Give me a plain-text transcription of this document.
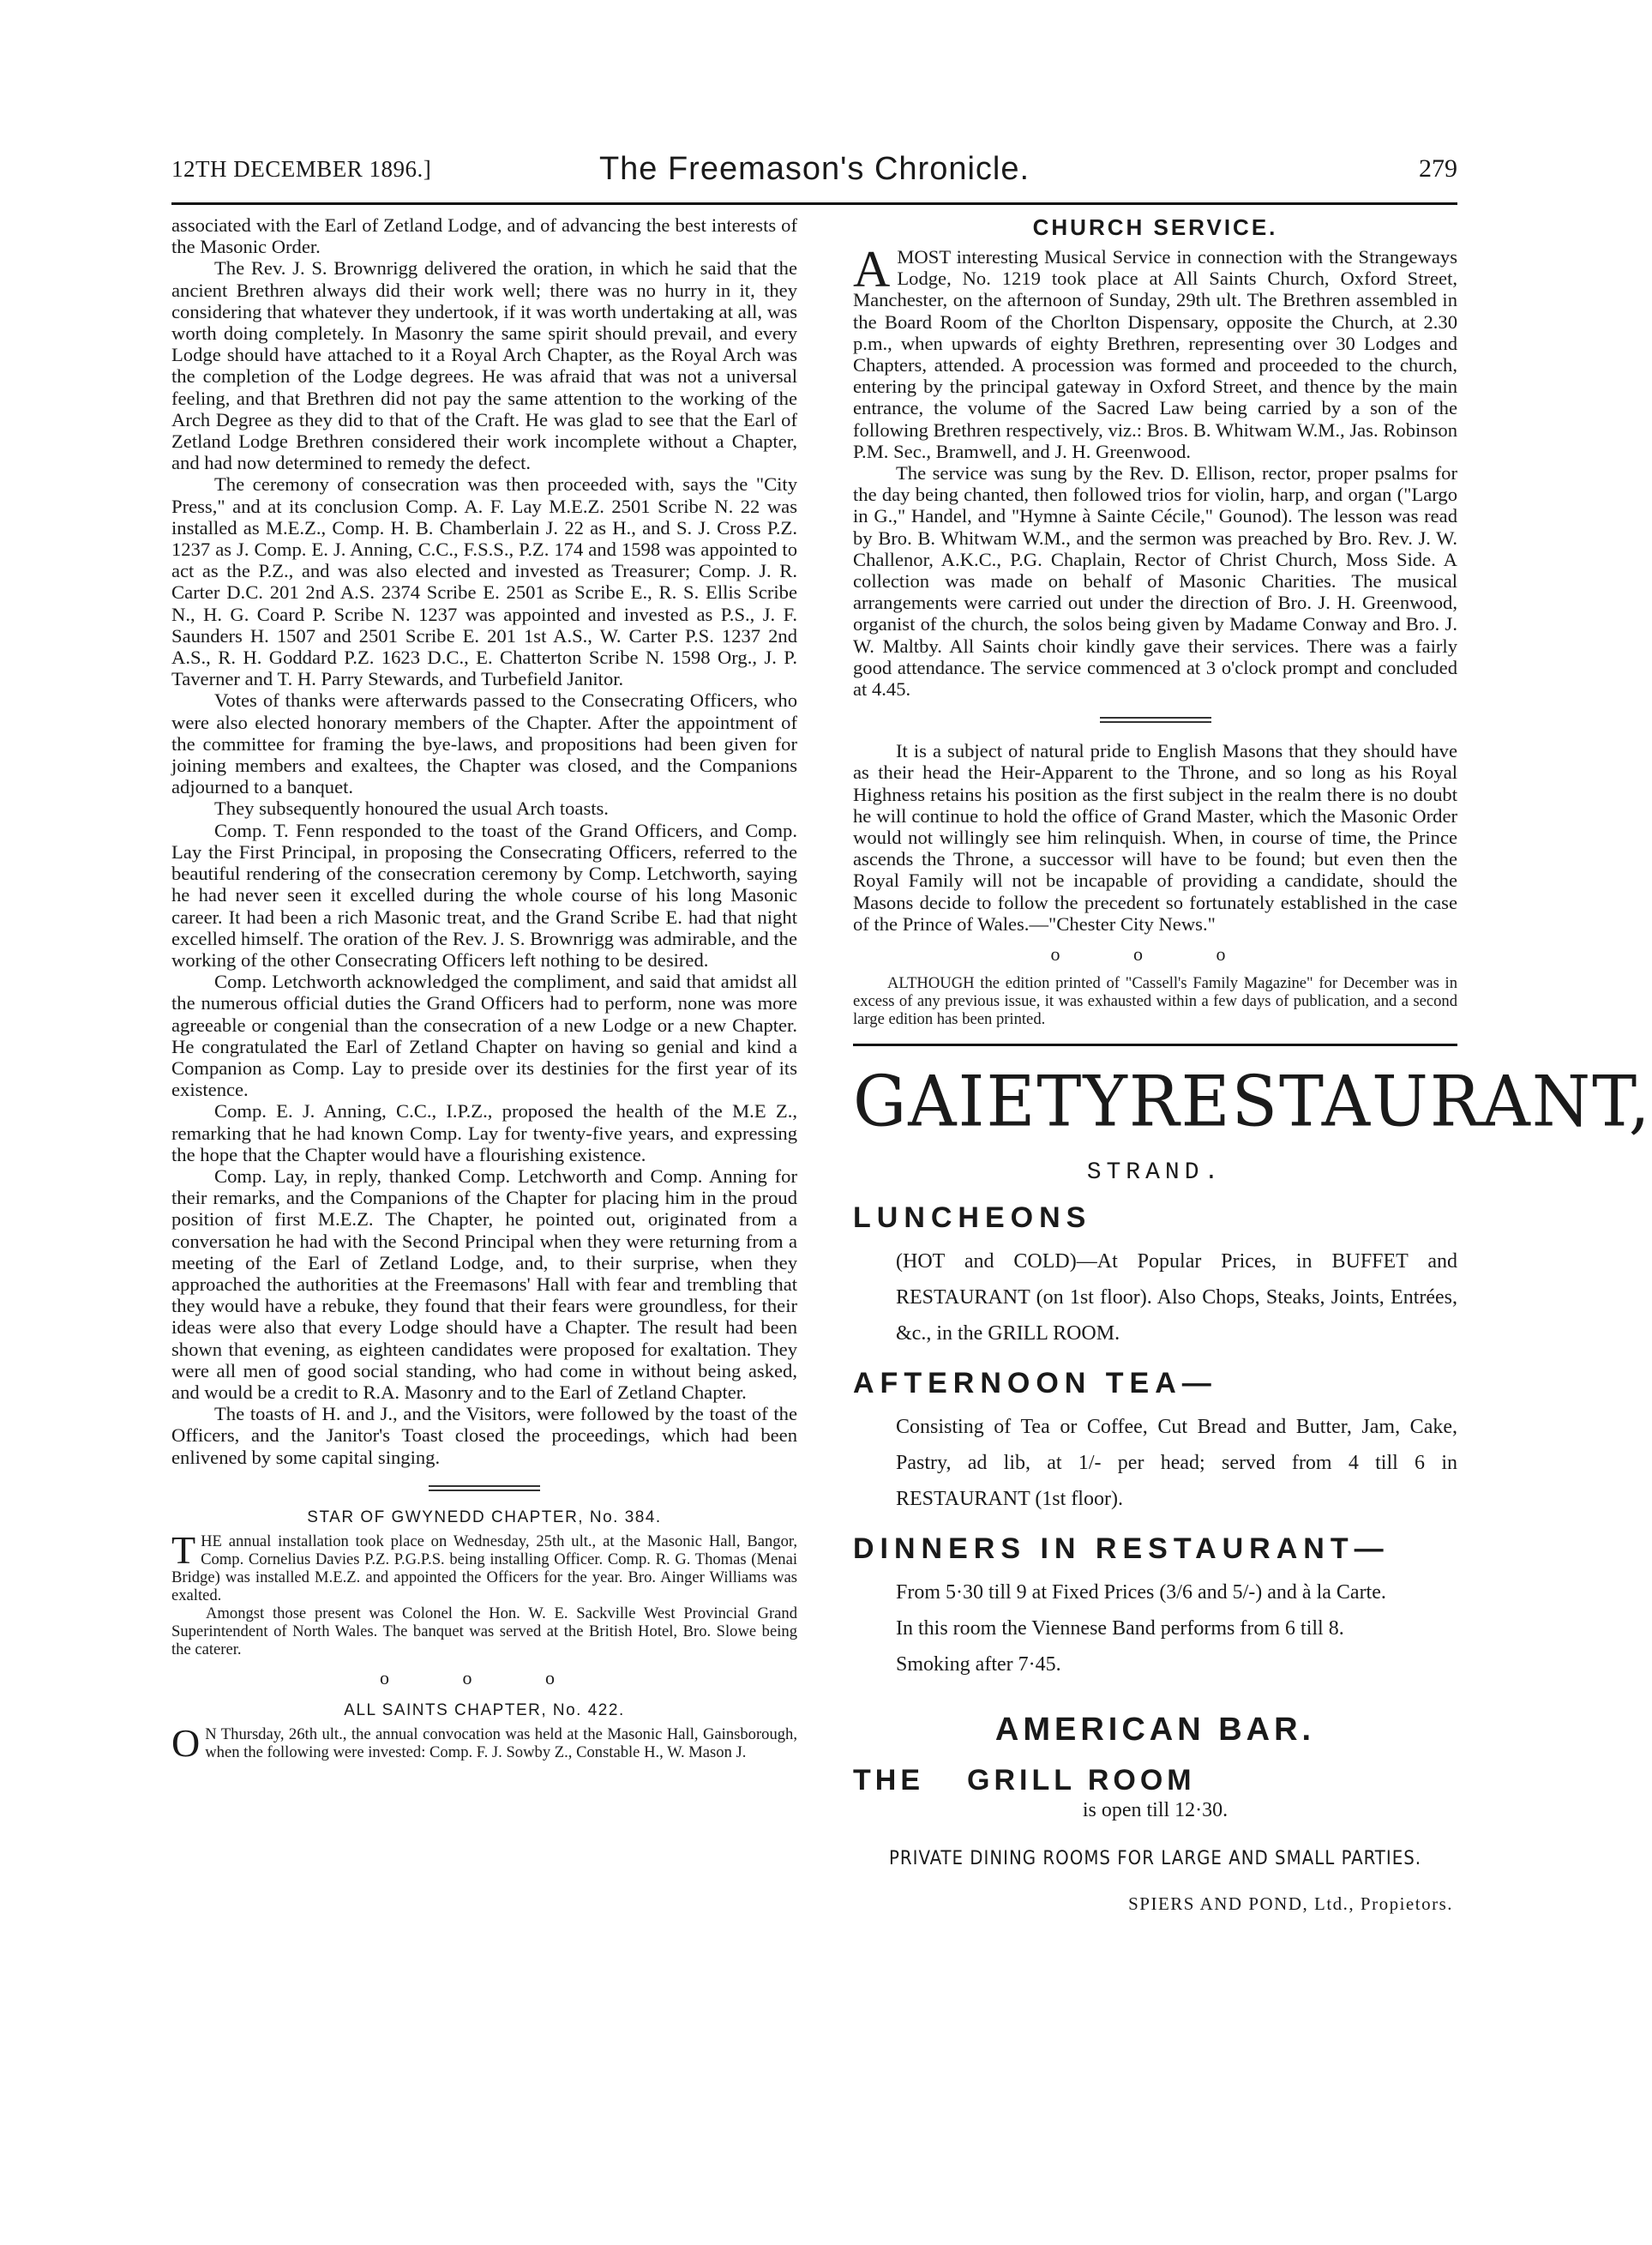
12TH DECEMBER 1896.]	The Freemason's Chronicle.	279

associated with the Earl of Zetland Lodge, and of advancing the best interests of the Masonic Order.

The Rev. J. S. Brownrigg delivered the oration, in which he said that the ancient Brethren always did their work well; there was no hurry in it, they considering that whatever they undertook, if it was worth undertaking at all, was worth doing completely. In Masonry the same spirit should prevail, and every Lodge should have attached to it a Royal Arch Chapter, as the Royal Arch was the completion of the Lodge degrees. He was afraid that was not a universal feeling, and that Brethren did not pay the same attention to the working of the Arch Degree as they did to that of the Craft. He was glad to see that the Earl of Zetland Lodge Brethren considered their work incomplete without a Chapter, and had now determined to remedy the defect.

The ceremony of consecration was then proceeded with, says the "City Press," and at its conclusion Comp. A. F. Lay M.E.Z. 2501 Scribe N. 22 was installed as M.E.Z., Comp. H. B. Chamberlain J. 22 as H., and S. J. Cross P.Z. 1237 as J. Comp. E. J. Anning, C.C., F.S.S., P.Z. 174 and 1598 was appointed to act as the P.Z., and was also elected and invested as Treasurer; Comp. J. R. Carter D.C. 201 2nd A.S. 2374 Scribe E. 2501 as Scribe E., R. S. Ellis Scribe N., H. G. Coard P. Scribe N. 1237 was appointed and invested as P.S., J. F. Saunders H. 1507 and 2501 Scribe E. 201 1st A.S., W. Carter P.S. 1237 2nd A.S., R. H. Goddard P.Z. 1623 D.C., E. Chatterton Scribe N. 1598 Org., J. P. Taverner and T. H. Parry Stewards, and Turbefield Janitor.

Votes of thanks were afterwards passed to the Consecrating Officers, who were also elected honorary members of the Chapter. After the appointment of the committee for framing the bye-laws, and propositions had been given for joining members and exaltees, the Chapter was closed, and the Companions adjourned to a banquet.

They subsequently honoured the usual Arch toasts.

Comp. T. Fenn responded to the toast of the Grand Officers, and Comp. Lay the First Principal, in proposing the Consecrating Officers, referred to the beautiful rendering of the consecration ceremony by Comp. Letchworth, saying he had never seen it excelled during the whole course of his long Masonic career. It had been a rich Masonic treat, and the Grand Scribe E. had that night excelled himself. The oration of the Rev. J. S. Brownrigg was admirable, and the working of the other Consecrating Officers left nothing to be desired.

Comp. Letchworth acknowledged the compliment, and said that amidst all the numerous official duties the Grand Officers had to perform, none was more agreeable or congenial than the consecration of a new Lodge or a new Chapter. He congratulated the Earl of Zetland Chapter on having so genial and kind a Companion as Comp. Lay to preside over its destinies for the first year of its existence.

Comp. E. J. Anning, C.C., I.P.Z., proposed the health of the M.E Z., remarking that he had known Comp. Lay for twenty-five years, and expressing the hope that the Chapter would have a flourishing existence.

Comp. Lay, in reply, thanked Comp. Letchworth and Comp. Anning for their remarks, and the Companions of the Chapter for placing him in the proud position of first M.E.Z. The Chapter, he pointed out, originated from a conversation he had with the Second Principal when they were returning from a meeting of the Earl of Zetland Lodge, and, to their surprise, when they approached the authorities at the Freemasons' Hall with fear and trembling that they would have a rebuke, they found that their fears were groundless, for their ideas were also that every Lodge should have a Chapter. The result had been shown that evening, as eighteen candidates were proposed for exaltation. They were all men of good social standing, who had come in without being asked, and would be a credit to R.A. Masonry and to the Earl of Zetland Chapter.

The toasts of H. and J., and the Visitors, were followed by the toast of the Officers, and the Janitor's Toast closed the proceedings, which had been enlivened by some capital singing.

STAR OF GWYNEDD CHAPTER, No. 384.

THE annual installation took place on Wednesday, 25th ult., at the Masonic Hall, Bangor, Comp. Cornelius Davies P.Z. P.G.P.S. being installing Officer. Comp. R. G. Thomas (Menai Bridge) was installed M.E.Z. and appointed the Officers for the year. Bro. Ainger Williams was exalted.

Amongst those present was Colonel the Hon. W. E. Sackville West Provincial Grand Superintendent of North Wales. The banquet was served at the British Hotel, Bro. Slowe being the caterer.

o o o
ALL SAINTS CHAPTER, No. 422.

O N Thursday, 26th ult., the annual convocation was held at the Masonic Hall, Gainsborough, when the following were invested: Comp. F. J. Sowby Z., Constable H., W. Mason J.

CHURCH SERVICE.

AMOST interesting Musical Service in connection with the Strangeways Lodge, No. 1219 took place at All Saints Church, Oxford Street, Manchester, on the afternoon of Sunday, 29th ult. The Brethren assembled in the Board Room of the Chorlton Dispensary, opposite the Church, at 2.30 p.m., when upwards of eighty Brethren, representing over 30 Lodges and Chapters, attended. A procession was formed and proceeded to the church, entering by the principal gateway in Oxford Street, and thence by the main entrance, the volume of the Sacred Law being carried by a son of the following Brethren respectively, viz.: Bros. B. Whitwam W.M., Jas. Robinson P.M. Sec., Bramwell, and J. H. Greenwood.

The service was sung by the Rev. D. Ellison, rector, proper psalms for the day being chanted, then followed trios for violin, harp, and organ ("Largo in G.," Handel, and "Hymne à Sainte Cécile," Gounod). The lesson was read by Bro. B. Whitwam W.M., and the sermon was preached by Bro. Rev. J. W. Challenor, A.K.C., P.G. Chaplain, Rector of Christ Church, Moss Side. A collection was made on behalf of Masonic Charities. The musical arrangements were carried out under the direction of Bro. J. H. Greenwood, organist of the church, the solos being given by Madame Conway and Bro. J. W. Maltby. All Saints choir kindly gave their services. There was a fairly good attendance. The service commenced at 3 o'clock prompt and concluded at 4.45.

It is a subject of natural pride to English Masons that they should have as their head the Heir-Apparent to the Throne, and so long as his Royal Highness retains his position as the first subject in the realm there is no doubt he will continue to hold the office of Grand Master, which the Masonic Order would not willingly see him relinquish. When, in course of time, the Prince ascends the Throne, a successor will have to be found; but even then the Royal Family will not be incapable of providing a candidate, should the Masons decide to follow the precedent so fortunately established in the case of the Prince of Wales.—"Chester City News."

o o o

ALTHOUGH the edition printed of "Cassell's Family Magazine" for December was in excess of any previous issue, it was exhausted within a few days of publication, and a second large edition has been printed.

GAIETY RESTAURANT,
STRAND.
LUNCHEONS

(HOT and COLD)—At Popular Prices, in BUFFET and RESTAURANT (on 1st floor). Also Chops, Steaks, Joints, Entrées, &c., in the GRILL ROOM.

AFTERNOON TEA—

Consisting of Tea or Coffee, Cut Bread and Butter, Jam, Cake, Pastry, ad lib, at 1/- per head; served from 4 till 6 in RESTAURANT (1st floor).

DINNERS IN RESTAURANT—

From 5·30 till 9 at Fixed Prices (3/6 and 5/-) and à la Carte.

In this room the Viennese Band performs from 6 till 8.

Smoking after 7·45.

AMERICAN BAR.
THE GRILL ROOM
is open till 12·30.
PRIVATE DINING ROOMS FOR LARGE AND SMALL PARTIES.
SPIERS AND POND, Ltd., Propietors.
